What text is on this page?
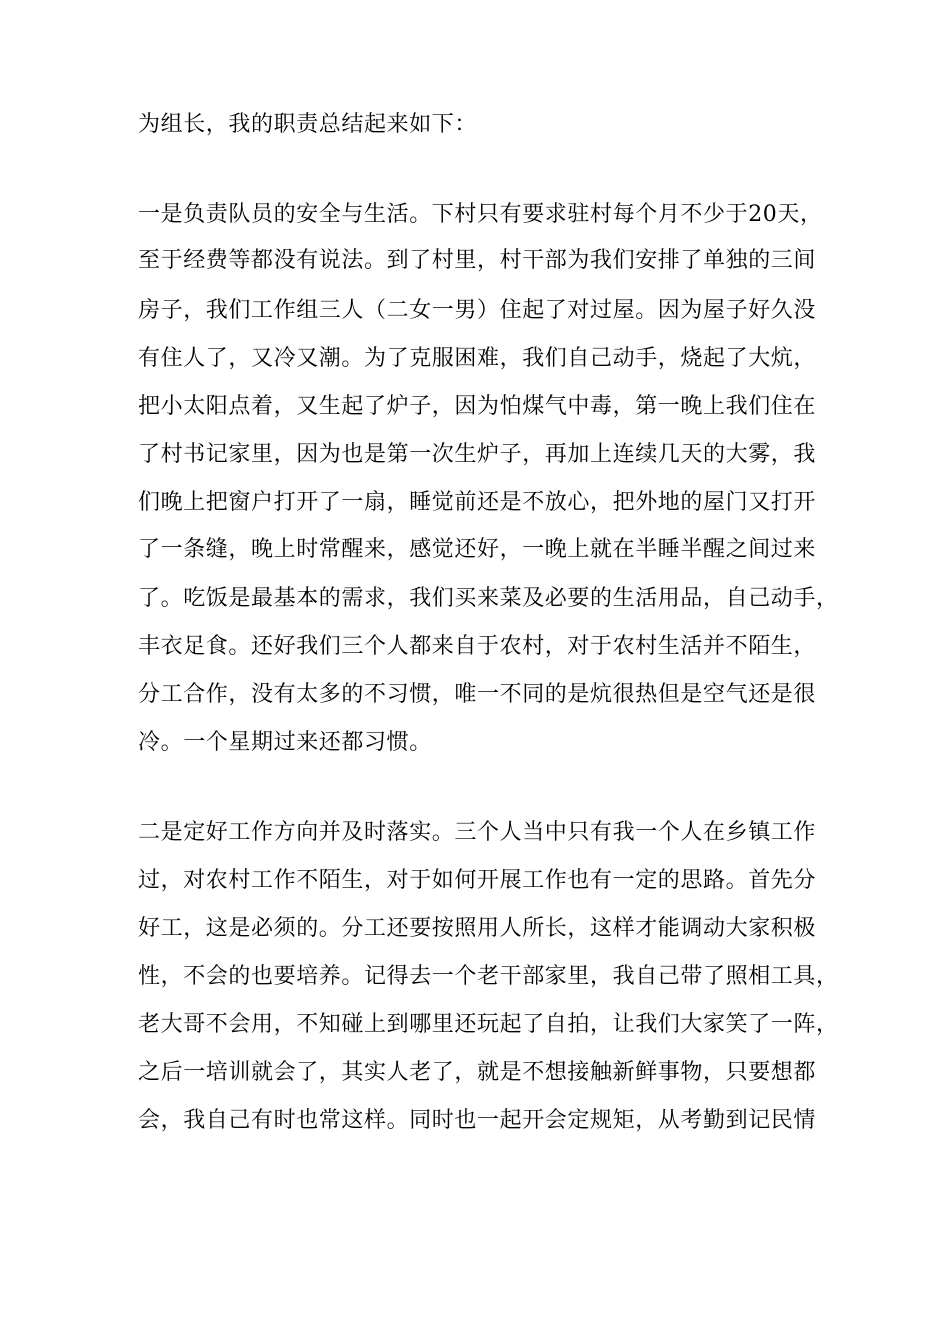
为组长，我的职责总结起来如下：
一是负责队员的安全与生活。下村只有要求驻村每个月不少于20天，
至于经费等都没有说法。到了村里，村干部为我们安排了单独的三间
房子，我们工作组三人（二女一男）住起了对过屋。因为屋子好久没
有住人了，又冷又潮。为了克服困难，我们自己动手，烧起了大炕，
把小太阳点着，又生起了炉子，因为怕煤气中毒，第一晚上我们住在
了村书记家里，因为也是第一次生炉子，再加上连续几天的大雾，我
们晚上把窗户打开了一扇，睡觉前还是不放心，把外地的屋门又打开
了一条缝，晚上时常醒来，感觉还好，一晚上就在半睡半醒之间过来
了。吃饭是最基本的需求，我们买来菜及必要的生活用品，自己动手，
丰衣足食。还好我们三个人都来自于农村，对于农村生活并不陌生，
分工合作，没有太多的不习惯，唯一不同的是炕很热但是空气还是很
冷。一个星期过来还都习惯。
二是定好工作方向并及时落实。三个人当中只有我一个人在乡镇工作
过，对农村工作不陌生，对于如何开展工作也有一定的思路。首先分
好工，这是必须的。分工还要按照用人所长，这样才能调动大家积极
性，不会的也要培养。记得去一个老干部家里，我自己带了照相工具，
老大哥不会用，不知碰上到哪里还玩起了自拍，让我们大家笑了一阵，
之后一培训就会了，其实人老了，就是不想接触新鲜事物，只要想都
会，我自己有时也常这样。同时也一起开会定规矩，从考勤到记民情
